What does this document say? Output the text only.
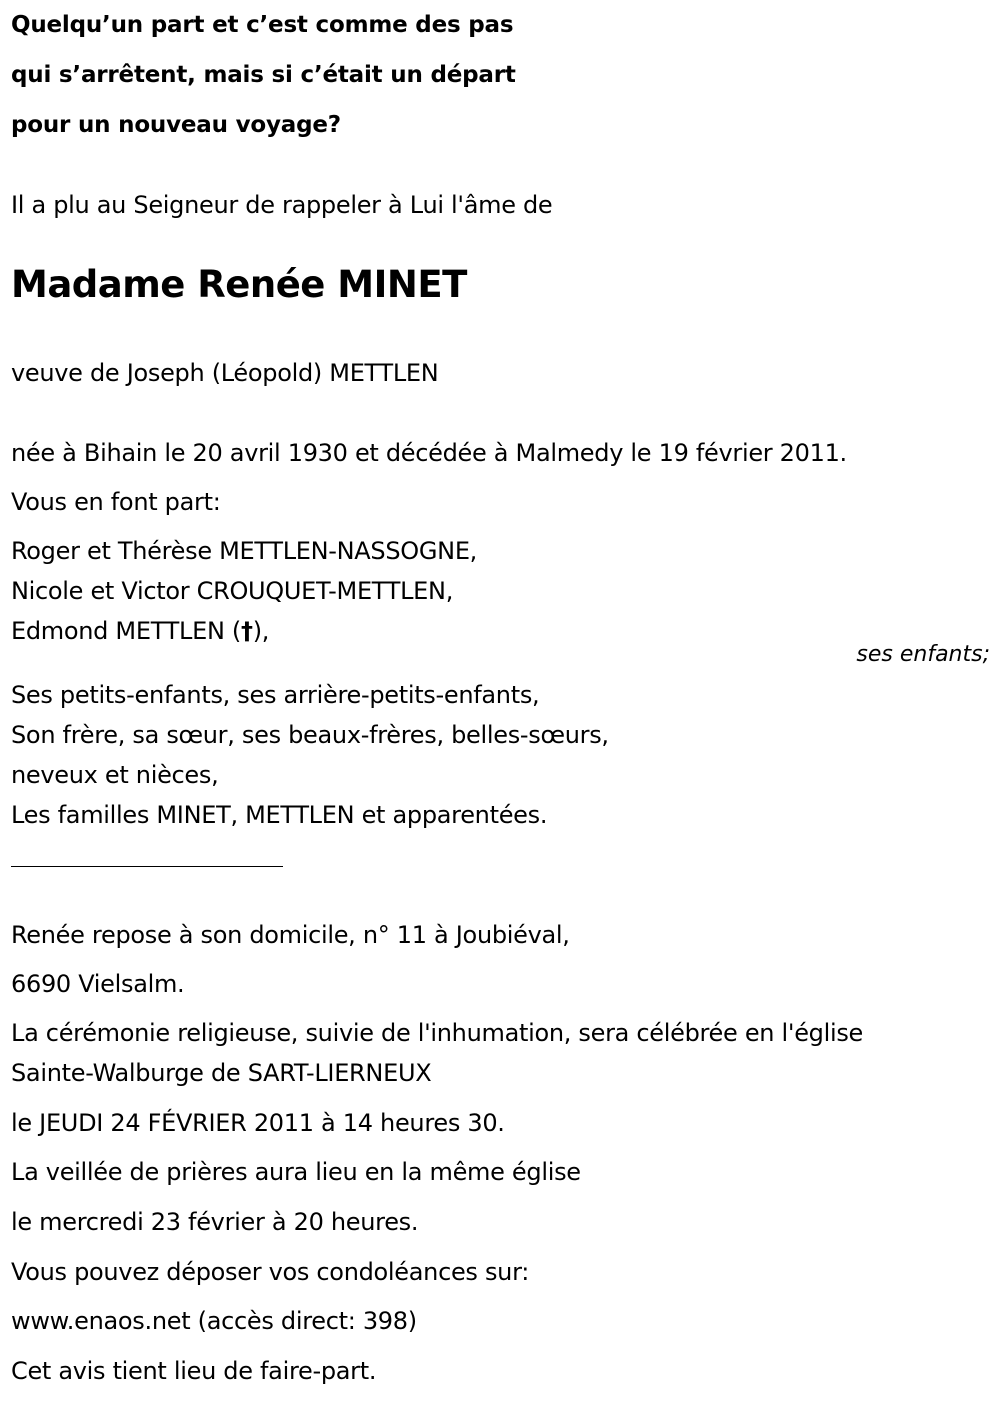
Quelqu’un part et c’est comme des pas
qui s’arrêtent, mais si c’était un départ
pour un nouveau voyage?
Il a plu au Seigneur de rappeler à Lui l'âme de
Madame Renée MINET
veuve de Joseph (Léopold) METTLEN
née à Bihain le 20 avril 1930 et décédée à Malmedy le 19 février 2011.
Vous en font part:
Roger et Thérèse METTLEN-NASSOGNE,
Nicole et Victor CROUQUET-METTLEN,
Edmond METTLEN (†),
ses enfants;
Ses petits-enfants, ses arrière-petits-enfants,
Son frère, sa sœur, ses beaux-frères, belles-sœurs,
neveux et nièces,
Les familles MINET, METTLEN et apparentées.
Renée repose à son domicile, n° 11 à Joubiéval,
6690 Vielsalm.
La cérémonie religieuse, suivie de l'inhumation, sera célébrée en l'église
Sainte-Walburge de SART-LIERNEUX
le JEUDI 24 FÉVRIER 2011 à 14 heures 30.
La veillée de prières aura lieu en la même église
le mercredi 23 février à 20 heures.
Vous pouvez déposer vos condoléances sur:
www.enaos.net (accès direct: 398)
Cet avis tient lieu de faire-part.
